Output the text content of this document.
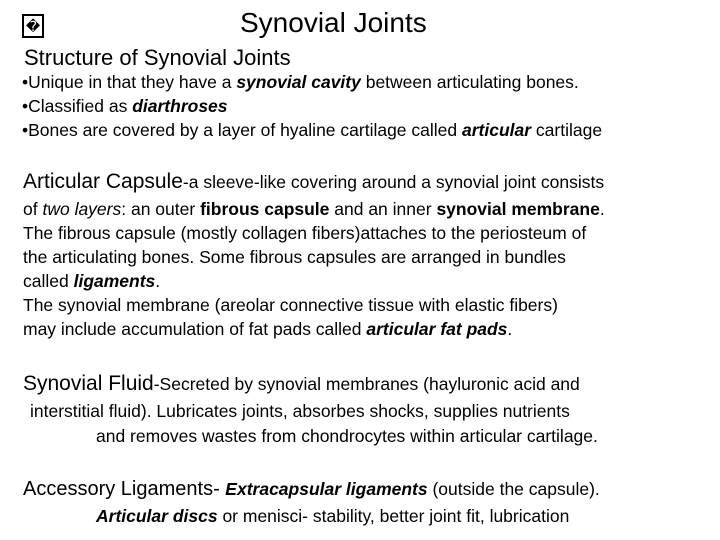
�	Synovial Joints
Structure of Synovial Joints
•Unique in that they have a synovial cavity between articulating bones.
•Classified as diarthroses
•Bones are covered by a layer of hyaline cartilage called articular cartilage
Articular Capsule-a sleeve-like covering around a synovial joint consists
of two layers: an outer fibrous capsule and an inner synovial membrane.
The fibrous capsule (mostly collagen fibers)attaches to the periosteum of
the articulating bones. Some fibrous capsules are arranged in bundles
called ligaments.
The synovial membrane (areolar connective tissue with elastic fibers)
may include accumulation of fat pads called articular fat pads.
Synovial Fluid-Secreted by synovial membranes (hayluronic acid and
interstitial fluid). Lubricates joints, absorbes shocks, supplies nutrients
and removes wastes from chondrocytes within articular cartilage.
Accessory Ligaments- Extracapsular ligaments (outside the capsule).
Articular discs or menisci- stability, better joint fit, lubrication
